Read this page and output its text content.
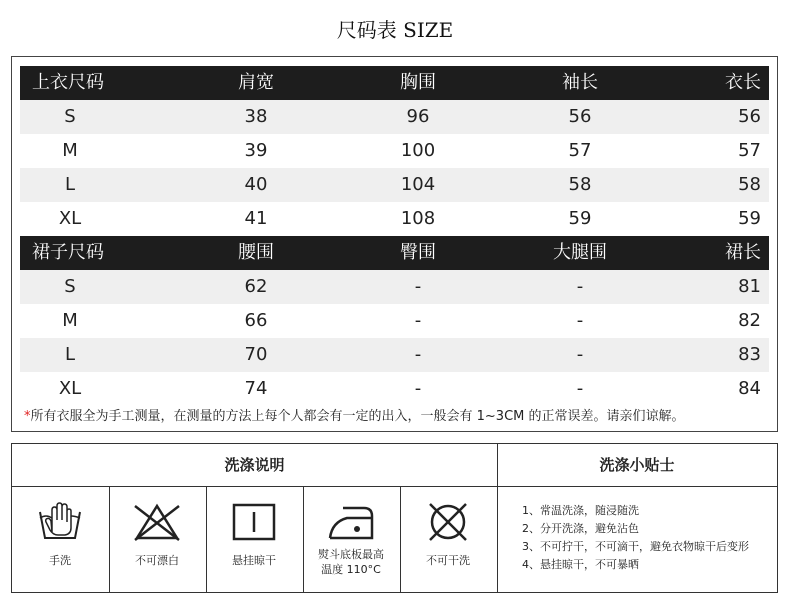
尺码表 SIZE
上衣尺码	肩宽	胸围	袖长	衣长
S	38	96	56	56
M	39	100	57	57
L	40	104	58	58
XL	41	108	59	59
裙子尺码	腰围	臀围	大腿围	裙长
S	62	-	-	81
M	66	-	-	82
L	70	-	-	83
XL	74	-	-	84
*所有衣服全为手工测量，在测量的方法上每个人都会有一定的出入，一般会有 1~3CM 的正常误差。请亲们谅解。
洗涤说明	洗涤小贴士
手洗	不可漂白	悬挂晾干	熨斗底板最高
温度 110°C
不可干洗
1、常温洗涤，随浸随洗
2、分开洗涤，避免沾色
3、不可拧干，不可滴干，避免衣物晾干后变形
4、悬挂晾干，不可暴晒
